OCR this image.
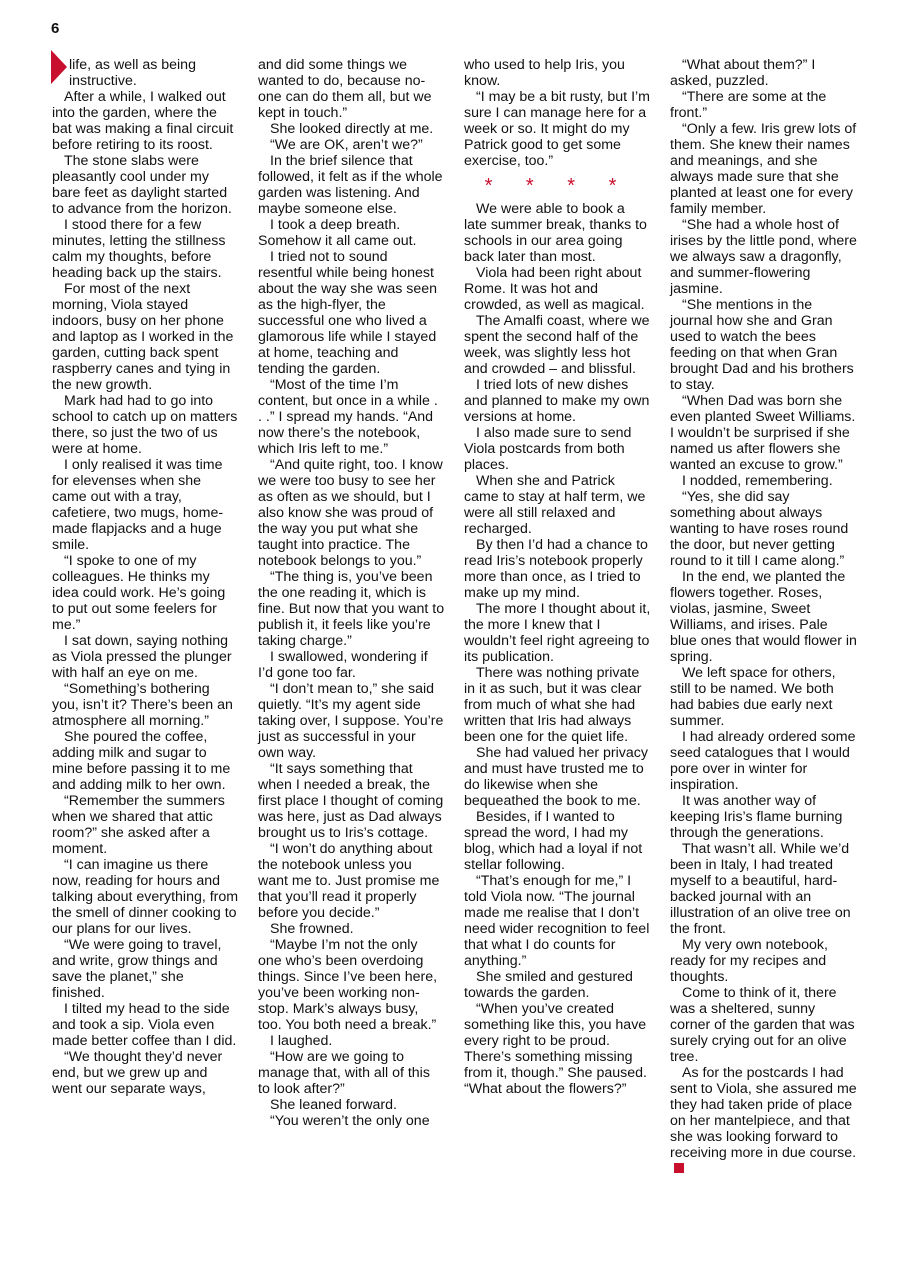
6

life, as well as being instructive.

After a while, I walked out into the garden, where the bat was making a final circuit before retiring to its roost.

The stone slabs were pleasantly cool under my bare feet as daylight started to advance from the horizon.

I stood there for a few minutes, letting the stillness calm my thoughts, before heading back up the stairs.

For most of the next morning, Viola stayed indoors, busy on her phone and laptop as I worked in the garden, cutting back spent raspberry canes and tying in the new growth.

Mark had had to go into school to catch up on matters there, so just the two of us were at home.

I only realised it was time for elevenses when she came out with a tray, cafetiere, two mugs, home-made flapjacks and a huge smile.

“I spoke to one of my colleagues. He thinks my idea could work. He’s going to put out some feelers for me.”

I sat down, saying nothing as Viola pressed the plunger with half an eye on me.

“Something’s bothering you, isn’t it? There’s been an atmosphere all morning.”

She poured the coffee, adding milk and sugar to mine before passing it to me and adding milk to her own.

“Remember the summers when we shared that attic room?” she asked after a moment.

“I can imagine us there now, reading for hours and talking about everything, from the smell of dinner cooking to our plans for our lives.

“We were going to travel, and write, grow things and save the planet,” she finished.

I tilted my head to the side and took a sip. Viola even made better coffee than I did.

“We thought they’d never end, but we grew up and went our separate ways,

and did some things we wanted to do, because no-one can do them all, but we kept in touch.”

She looked directly at me.

“We are OK, aren’t we?”

In the brief silence that followed, it felt as if the whole garden was listening. And maybe someone else.

I took a deep breath. Somehow it all came out.

I tried not to sound resentful while being honest about the way she was seen as the high-flyer, the successful one who lived a glamorous life while I stayed at home, teaching and tending the garden.

“Most of the time I’m content, but once in a while . . .” I spread my hands. “And now there’s the notebook, which Iris left to me.”

“And quite right, too. I know we were too busy to see her as often as we should, but I also know she was proud of the way you put what she taught into practice. The notebook belongs to you.”

“The thing is, you’ve been the one reading it, which is fine. But now that you want to publish it, it feels like you’re taking charge.”

I swallowed, wondering if I’d gone too far.

“I don’t mean to,” she said quietly. “It’s my agent side taking over, I suppose. You’re just as successful in your own way.

“It says something that when I needed a break, the first place I thought of coming was here, just as Dad always brought us to Iris’s cottage.

“I won’t do anything about the notebook unless you want me to. Just promise me that you’ll read it properly before you decide.”

She frowned.

“Maybe I’m not the only one who’s been overdoing things. Since I’ve been here, you’ve been working non-stop. Mark’s always busy, too. You both need a break.”

I laughed.

“How are we going to manage that, with all of this to look after?”

She leaned forward.

“You weren’t the only one

who used to help Iris, you know.

“I may be a bit rusty, but I’m sure I can manage here for a week or so. It might do my Patrick good to get some exercise, too.”

* * * *

We were able to book a late summer break, thanks to schools in our area going back later than most.

Viola had been right about Rome. It was hot and crowded, as well as magical.

The Amalfi coast, where we spent the second half of the week, was slightly less hot and crowded – and blissful.

I tried lots of new dishes and planned to make my own versions at home.

I also made sure to send Viola postcards from both places.

When she and Patrick came to stay at half term, we were all still relaxed and recharged.

By then I’d had a chance to read Iris’s notebook properly more than once, as I tried to make up my mind.

The more I thought about it, the more I knew that I wouldn’t feel right agreeing to its publication.

There was nothing private in it as such, but it was clear from much of what she had written that Iris had always been one for the quiet life.

She had valued her privacy and must have trusted me to do likewise when she bequeathed the book to me.

Besides, if I wanted to spread the word, I had my blog, which had a loyal if not stellar following.

“That’s enough for me,” I told Viola now. “The journal made me realise that I don’t need wider recognition to feel that what I do counts for anything.”

She smiled and gestured towards the garden.

“When you’ve created something like this, you have every right to be proud. There’s something missing from it, though.” She paused. “What about the flowers?”

“What about them?” I asked, puzzled.

“There are some at the front.”

“Only a few. Iris grew lots of them. She knew their names and meanings, and she always made sure that she planted at least one for every family member.

“She had a whole host of irises by the little pond, where we always saw a dragonfly, and summer-flowering jasmine.

“She mentions in the journal how she and Gran used to watch the bees feeding on that when Gran brought Dad and his brothers to stay.

“When Dad was born she even planted Sweet Williams. I wouldn’t be surprised if she named us after flowers she wanted an excuse to grow.”

I nodded, remembering.

“Yes, she did say something about always wanting to have roses round the door, but never getting round to it till I came along.”

In the end, we planted the flowers together. Roses, violas, jasmine, Sweet Williams, and irises. Pale blue ones that would flower in spring.

We left space for others, still to be named. We both had babies due early next summer.

I had already ordered some seed catalogues that I would pore over in winter for inspiration.

It was another way of keeping Iris’s flame burning through the generations.

That wasn’t all. While we’d been in Italy, I had treated myself to a beautiful, hard-backed journal with an illustration of an olive tree on the front.

My very own notebook, ready for my recipes and thoughts.

Come to think of it, there was a sheltered, sunny corner of the garden that was surely crying out for an olive tree.

As for the postcards I had sent to Viola, she assured me they had taken pride of place on her mantelpiece, and that she was looking forward to receiving more in due course.
